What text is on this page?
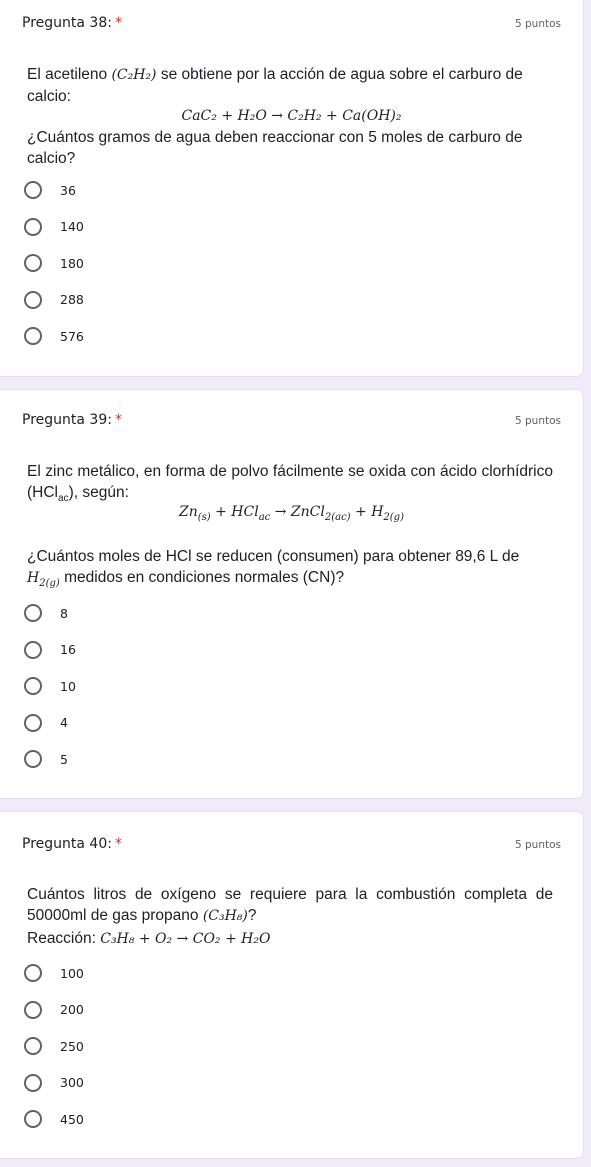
Pregunta 38: *	5 puntos
El acetileno (C₂H₂) se obtiene por la acción de agua sobre el carburo de calcio:
CaC₂ + H₂O → C₂H₂ + Ca(OH)₂
¿Cuántos gramos de agua deben reaccionar con 5 moles de carburo de calcio?
36
140
180
288
576
Pregunta 39: *	5 puntos
El zinc metálico, en forma de polvo fácilmente se oxida con ácido clorhídrico (HCl$_{ac}$), según:
$Zn_{(s)} + HCl_{ac}$ → ZnCl$_{2(ac)}$ + $H_{2(g)}$
¿Cuántos moles de HCl se reducen (consumen) para obtener 89,6 L de $H_{2(g)}$ medidos en condiciones normales (CN)?
8
16
10
4
5
Pregunta 40: *	5 puntos
Cuántos litros de oxígeno se requiere para la combustión completa de 50000ml de gas propano (C₃H₈)?
Reacción: C₃H₈ + O₂ → CO₂ + H₂O
100
200
250
300
450
